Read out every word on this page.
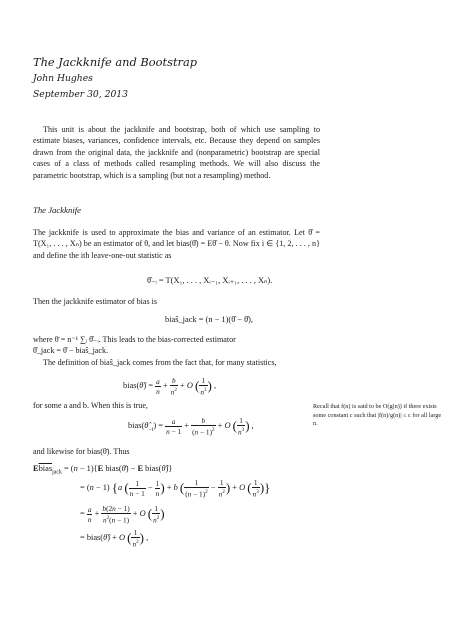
The Jackknife and Bootstrap
John Hughes
September 30, 2013
This unit is about the jackknife and bootstrap, both of which use sampling to estimate biases, variances, confidence intervals, etc. Because they depend on samples drawn from the original data, the jackknife and (nonparametric) bootstrap are special cases of a class of methods called resampling methods. We will also discuss the parametric bootstrap, which is a sampling (but not a resampling) method.
The Jackknife
The jackknife is used to approximate the bias and variance of an estimator. Let θ̂ = T(X₁, . . . , Xₙ) be an estimator of θ, and let bias(θ̂) = Eθ̂ − θ. Now fix i ∈ {1, 2, . . . , n} and define the ith leave-one-out statistic as
θ̂₋ᵢ = T(X₁, . . . , Xᵢ₋₁, Xᵢ₊₁, . . . , Xₙ).
Then the jackknife estimator of bias is
biaŝ_jack = (n − 1)(θ̂ − θ̂),
where θ̄ = n⁻¹ ∑ᵢ θ̂₋ᵢ. This leads to the bias-corrected estimator
θ̂_jack = θ̂ − biaŝ_jack.
The definition of biaŝ_jack comes from the fact that, for many statistics,
bias(θ̂) = $\frac{a}{n} + \frac{b}{n^2} + O$ ( $\frac{1}{n^3}$ ) ,
for some a and b. When this is true,
$bias(\thetâ_{-i}) = \frac{a}{n - 1} + \frac{b}{(n - 1)^2} + O$ ( $\frac{1}{n^3}$ ) ,
Recall that f(n) is said to be O(g(n)) if there exists some constant c such that |f(n)/g(n)| ≤ c for all large n.
and likewise for bias(θ̄). Thus
Ebias$_{jack}$ = (n − 1){E bias(θ̄) − E bias(θ̂)}
= (n − 1) {a ( $\frac{1}{n - 1} - \frac{1}{n}$ ) + b ( $\frac{1}{(n - 1)^2} - \frac{1}{n^2}$ ) + O ( $\frac{1}{n^3}$ )}
= $\frac{a}{n} + \frac{b(2n - 1)}{n^2(n - 1)} + O$ ( $\frac{1}{n^2}$ )
= bias(θ̂) + O ( $\frac{1}{n^2}$ ) ,
